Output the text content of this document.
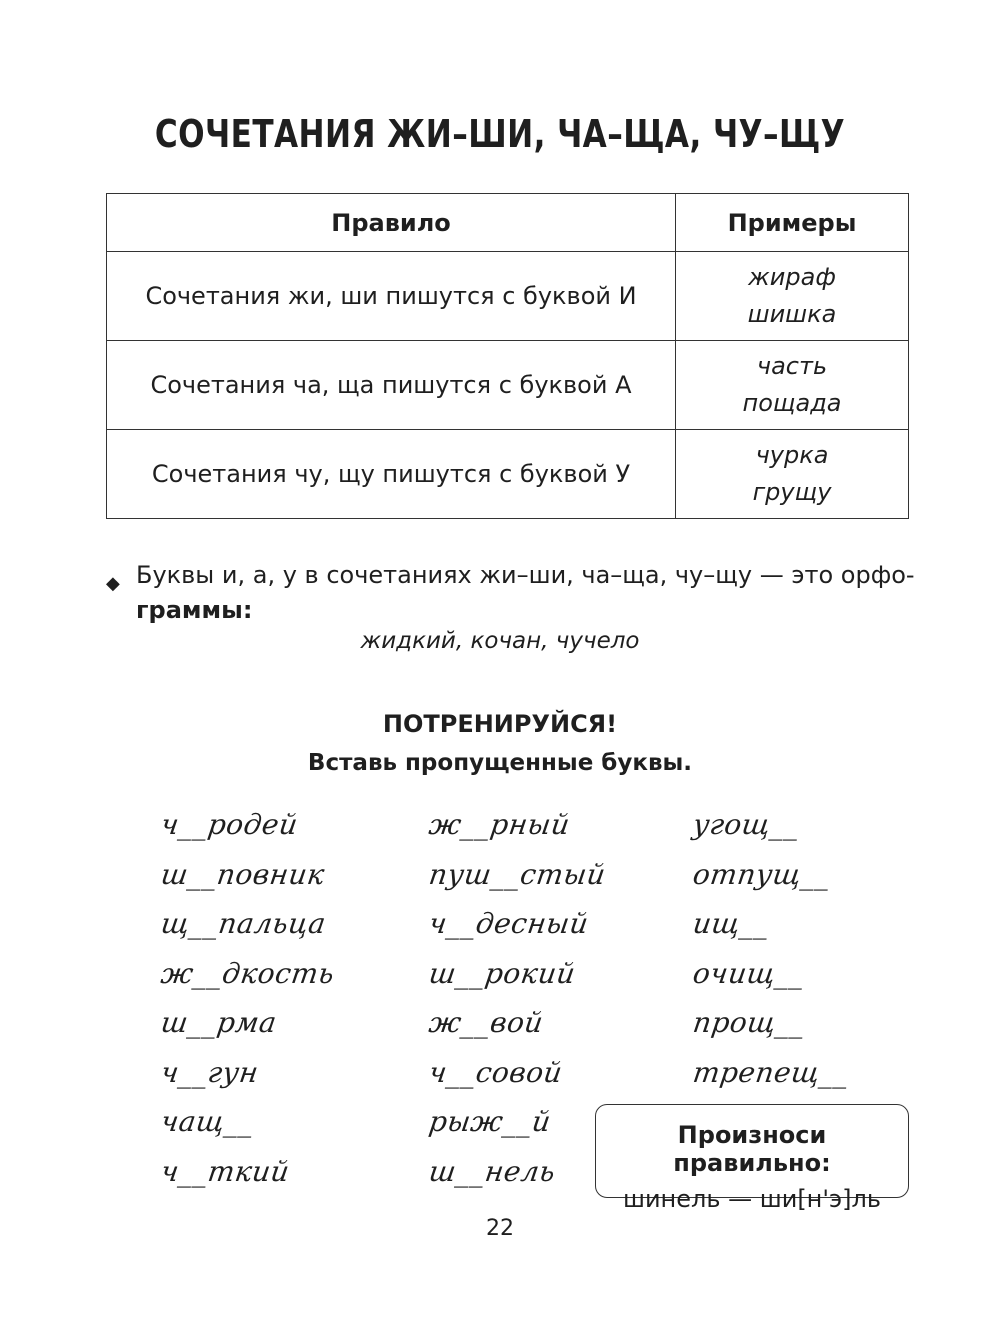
СОЧЕТАНИЯ ЖИ–ШИ, ЧА–ЩА, ЧУ–ЩУ
Правило	Примеры
Сочетания жи, ши пишутся с буквой И	жираф
шишка

Сочетания ча, ща пишутся с буквой А	часть
пощада

Сочетания чу, щу пишутся с буквой У	чурка
грущу
◆ Буквы и, а, у в сочетаниях жи–ши, ча–ща, чу–щу — это орфо-
граммы:
жидкий, кочан, чучело
ПОТРЕНИРУЙСЯ!
Вставь пропущенные буквы.
ч__родей
ш__повник
щ__пальца
ж__дкость
ш__рма
ч__гун
чащ__
ч__ткий
ж__рный
пуш__стый
ч__десный
ш__рокий
ж__вой
ч__совой
рыж__й
ш__нель
угощ__
отпущ__
ищ__
очищ__
прощ__
трепещ__
Произноси правильно:
шинель — ши[н'э]ль
22
